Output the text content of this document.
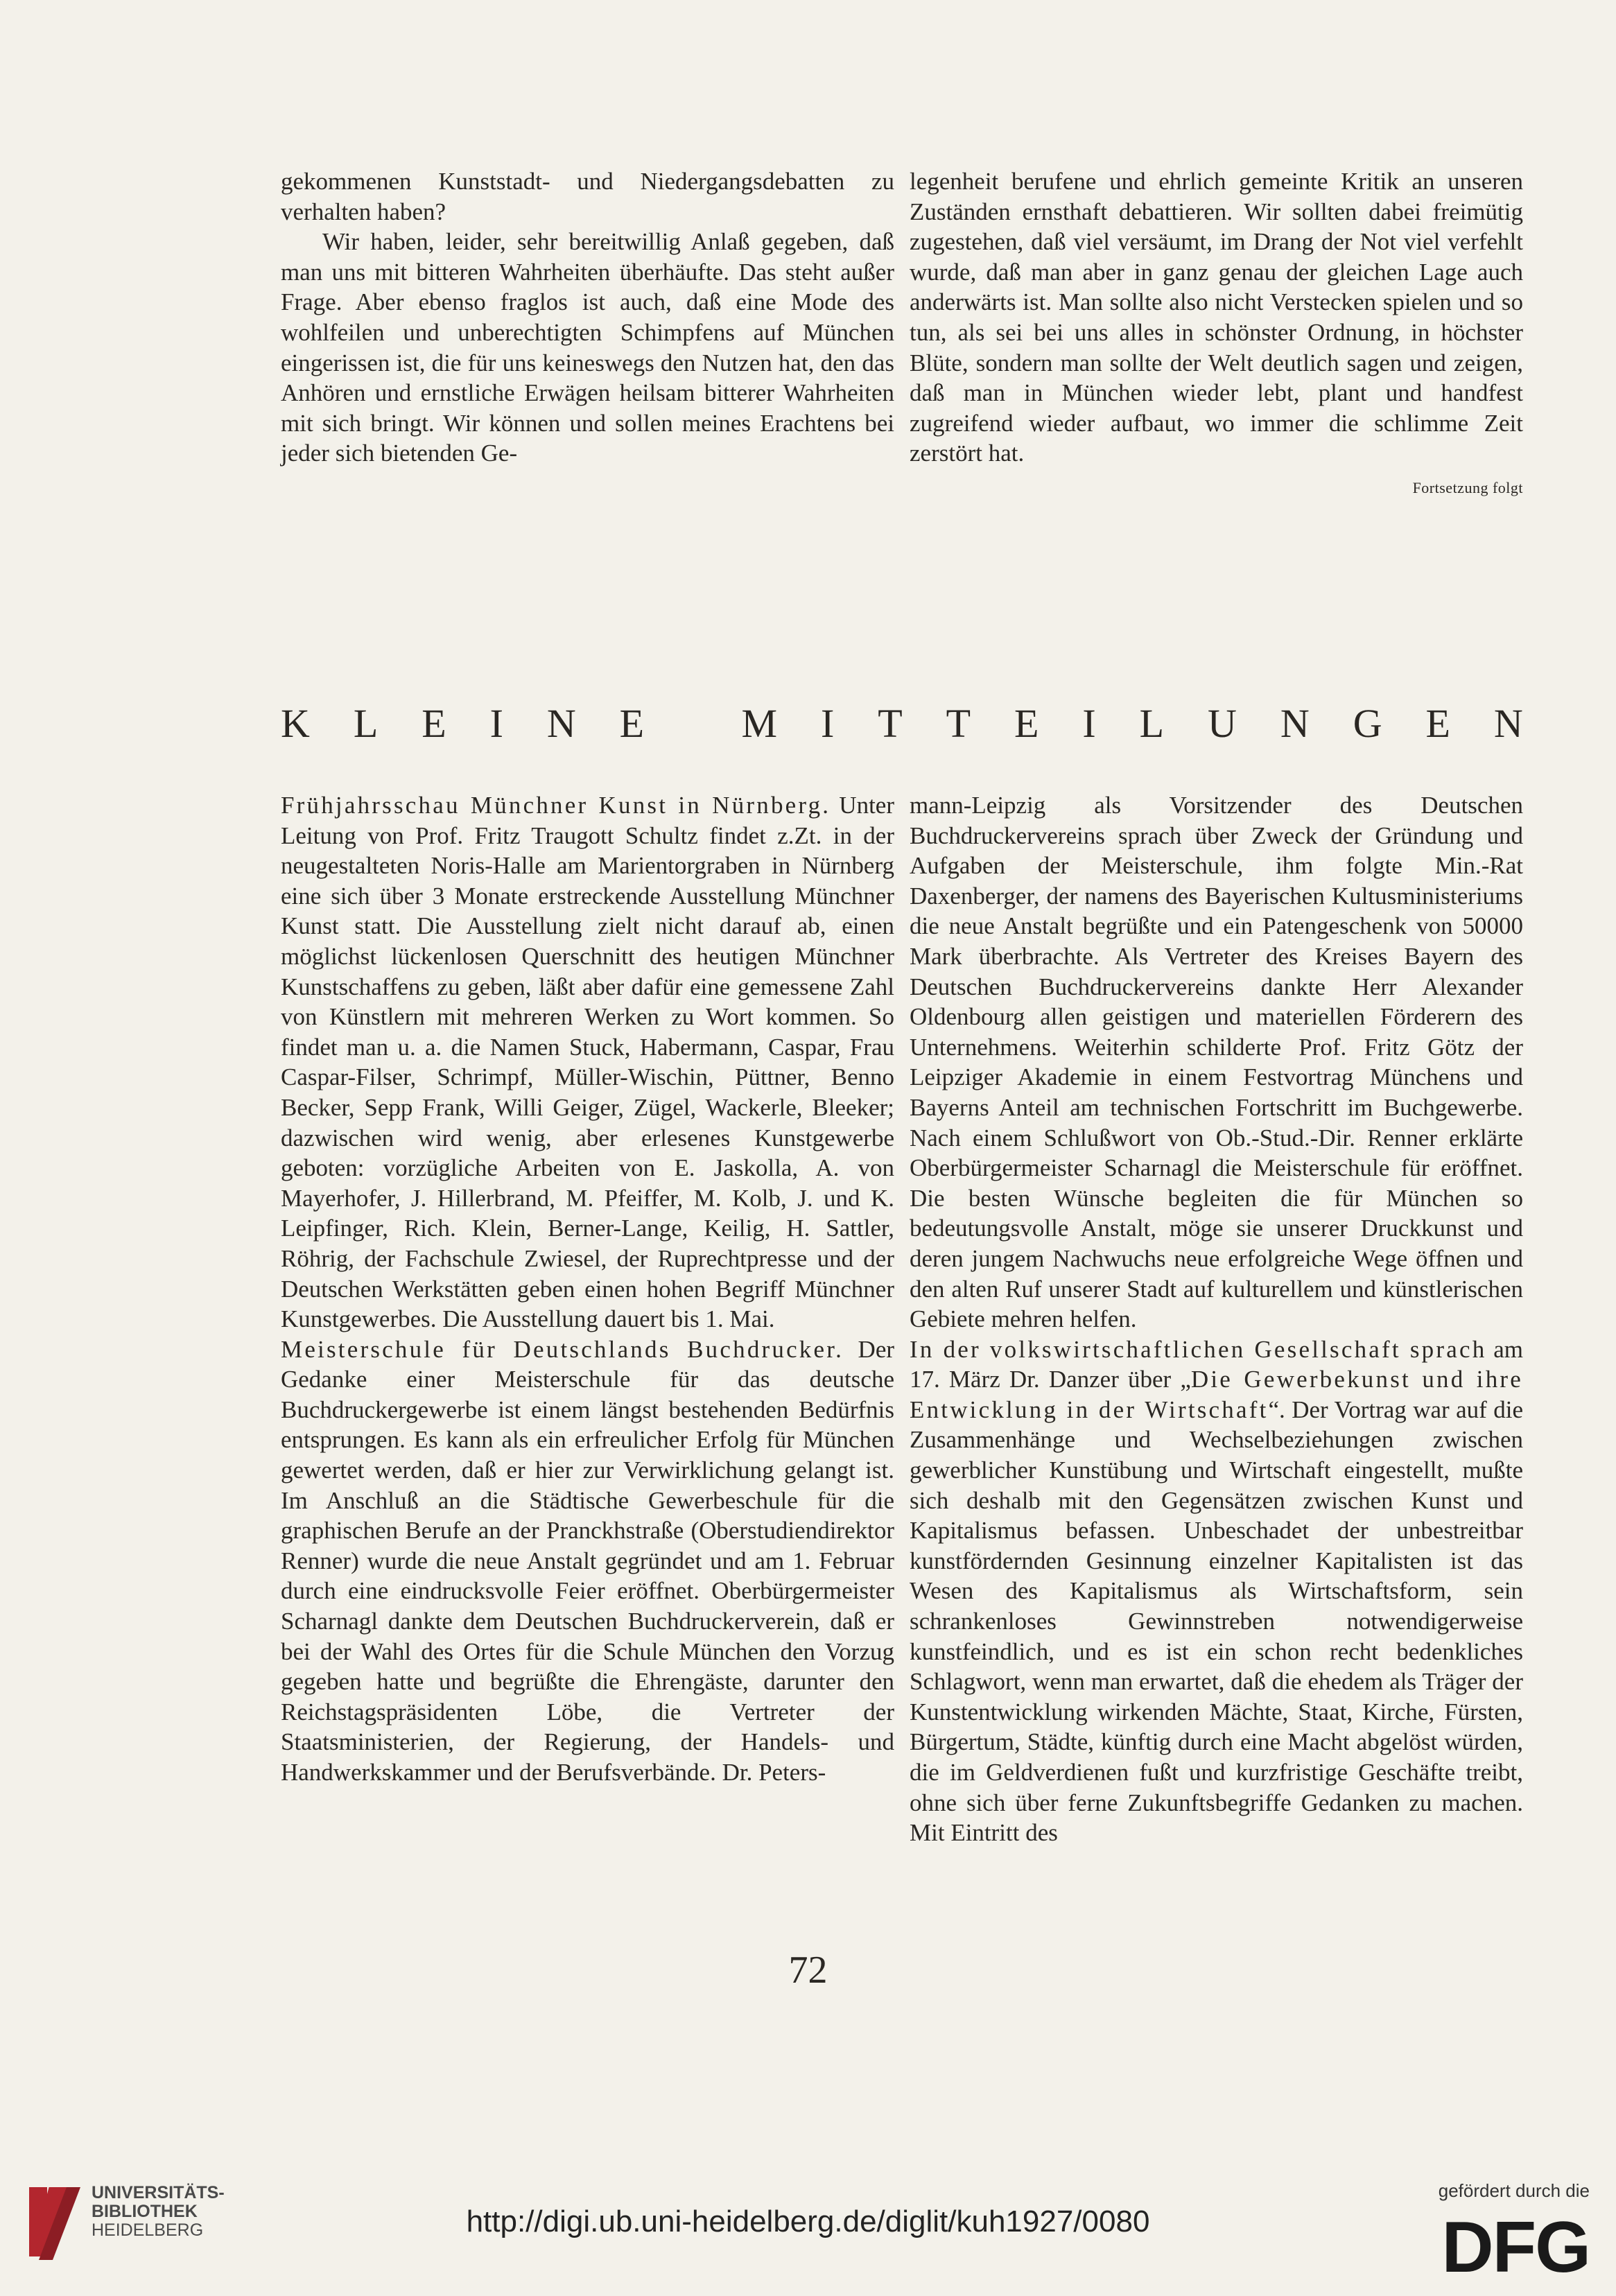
gekommenen Kunststadt- und Niedergangsdebatten zu verhalten haben?

Wir haben, leider, sehr bereitwillig Anlaß gegeben, daß man uns mit bitteren Wahrheiten überhäufte. Das steht außer Frage. Aber ebenso fraglos ist auch, daß eine Mode des wohlfeilen und unberechtigten Schimpfens auf München eingerissen ist, die für uns keineswegs den Nutzen hat, den das Anhören und ernstliche Erwägen heilsam bitterer Wahrheiten mit sich bringt. Wir können und sollen meines Erachtens bei jeder sich bietenden Ge-

legenheit berufene und ehrlich gemeinte Kritik an unseren Zuständen ernsthaft debattieren. Wir sollten dabei freimütig zugestehen, daß viel versäumt, im Drang der Not viel verfehlt wurde, daß man aber in ganz genau der gleichen Lage auch anderwärts ist. Man sollte also nicht Verstecken spielen und so tun, als sei bei uns alles in schönster Ordnung, in höchster Blüte, sondern man sollte der Welt deutlich sagen und zeigen, daß man in München wieder lebt, plant und handfest zugreifend wieder aufbaut, wo immer die schlimme Zeit zerstört hat.

Fortsetzung folgt
K L E I N E
M I T T E I L U N G E N

Frühjahrsschau Münchner Kunst in Nürnberg. Unter Leitung von Prof. Fritz Traugott Schultz findet z.Zt. in der neugestalteten Noris-Halle am Marientorgraben in Nürnberg eine sich über 3 Monate erstreckende Ausstellung Münchner Kunst statt. Die Ausstellung zielt nicht darauf ab, einen möglichst lückenlosen Querschnitt des heutigen Münchner Kunstschaffens zu geben, läßt aber dafür eine gemessene Zahl von Künstlern mit mehreren Werken zu Wort kommen. So findet man u. a. die Namen Stuck, Habermann, Caspar, Frau Caspar-Filser, Schrimpf, Müller-Wischin, Püttner, Benno Becker, Sepp Frank, Willi Geiger, Zügel, Wackerle, Bleeker; dazwischen wird wenig, aber erlesenes Kunstgewerbe geboten: vorzügliche Arbeiten von E. Jaskolla, A. von Mayerhofer, J. Hillerbrand, M. Pfeiffer, M. Kolb, J. und K. Leipfinger, Rich. Klein, Berner-Lange, Keilig, H. Sattler, Röhrig, der Fachschule Zwiesel, der Ruprechtpresse und der Deutschen Werkstätten geben einen hohen Begriff Münchner Kunstgewerbes. Die Ausstellung dauert bis 1. Mai.

Meisterschule für Deutschlands Buchdrucker. Der Gedanke einer Meisterschule für das deutsche Buchdruckergewerbe ist einem längst bestehenden Bedürfnis entsprungen. Es kann als ein erfreulicher Erfolg für München gewertet werden, daß er hier zur Verwirklichung gelangt ist. Im Anschluß an die Städtische Gewerbeschule für die graphischen Berufe an der Pranckhstraße (Oberstudiendirektor Renner) wurde die neue Anstalt gegründet und am 1. Februar durch eine eindrucksvolle Feier eröffnet. Oberbürgermeister Scharnagl dankte dem Deutschen Buchdruckerverein, daß er bei der Wahl des Ortes für die Schule München den Vorzug gegeben hatte und begrüßte die Ehrengäste, darunter den Reichstagspräsidenten Löbe, die Vertreter der Staatsministerien, der Regierung, der Handels- und Handwerkskammer und der Berufsverbände. Dr. Peters-

mann-Leipzig als Vorsitzender des Deutschen Buchdruckervereins sprach über Zweck der Gründung und Aufgaben der Meisterschule, ihm folgte Min.-Rat Daxenberger, der namens des Bayerischen Kultusministeriums die neue Anstalt begrüßte und ein Patengeschenk von 50000 Mark überbrachte. Als Vertreter des Kreises Bayern des Deutschen Buchdruckervereins dankte Herr Alexander Oldenbourg allen geistigen und materiellen Förderern des Unternehmens. Weiterhin schilderte Prof. Fritz Götz der Leipziger Akademie in einem Festvortrag Münchens und Bayerns Anteil am technischen Fortschritt im Buchgewerbe. Nach einem Schlußwort von Ob.-Stud.-Dir. Renner erklärte Oberbürgermeister Scharnagl die Meisterschule für eröffnet. Die besten Wünsche begleiten die für München so bedeutungsvolle Anstalt, möge sie unserer Druckkunst und deren jungem Nachwuchs neue erfolgreiche Wege öffnen und den alten Ruf unserer Stadt auf kulturellem und künstlerischen Gebiete mehren helfen.

In der volkswirtschaftlichen Gesellschaft sprach am 17. März Dr. Danzer über „Die Gewerbekunst und ihre Entwicklung in der Wirtschaft“. Der Vortrag war auf die Zusammenhänge und Wechselbeziehungen zwischen gewerblicher Kunstübung und Wirtschaft eingestellt, mußte sich deshalb mit den Gegensätzen zwischen Kunst und Kapitalismus befassen. Unbeschadet der unbestreitbar kunstfördernden Gesinnung einzelner Kapitalisten ist das Wesen des Kapitalismus als Wirtschaftsform, sein schrankenloses Gewinnstreben notwendigerweise kunstfeindlich, und es ist ein schon recht bedenkliches Schlagwort, wenn man erwartet, daß die ehedem als Träger der Kunstentwicklung wirkenden Mächte, Staat, Kirche, Fürsten, Bürgertum, Städte, künftig durch eine Macht abgelöst würden, die im Geldverdienen fußt und kurzfristige Geschäfte treibt, ohne sich über ferne Zukunftsbegriffe Gedanken zu machen. Mit Eintritt des

72
UNIVERSITÄTS-
BIBLIOTHEK
HEIDELBERG	http://digi.ub.uni-heidelberg.de/diglit/kuh1927/0080
gefördert durch die
DFG
